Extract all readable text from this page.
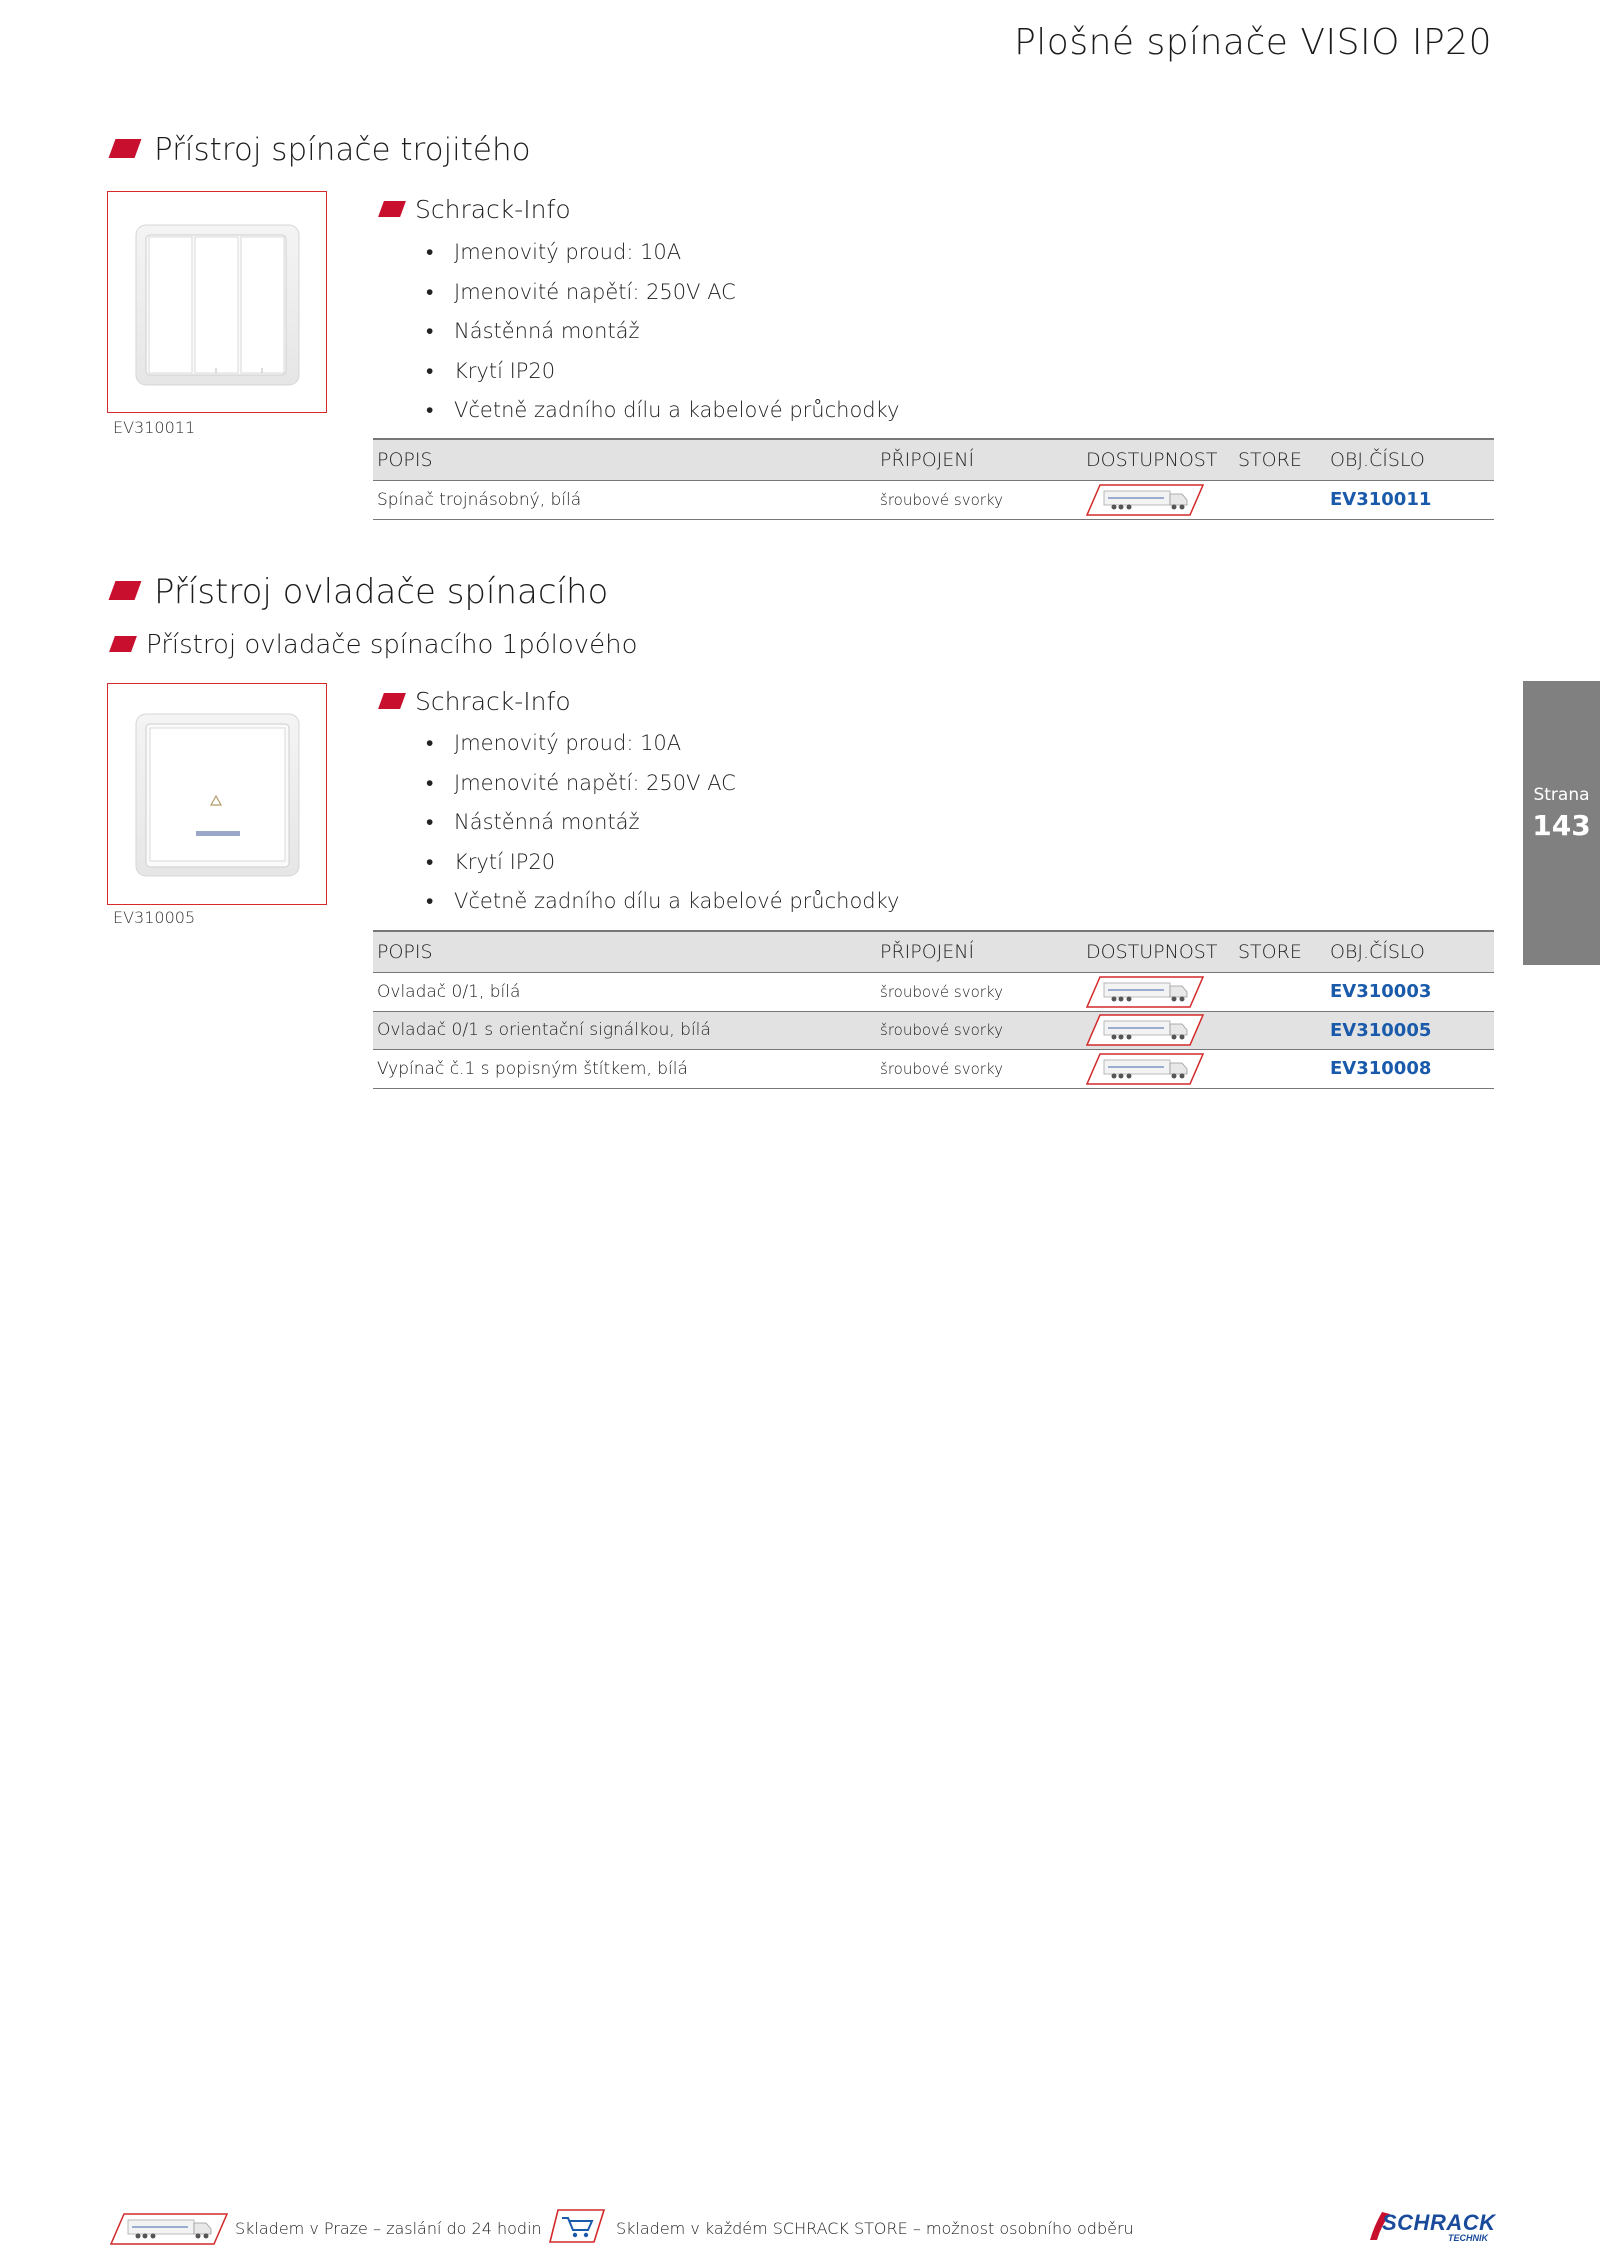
Plošné spínače VISIO IP20
Přístroj spínače trojitého
EV310011
Schrack-Info
• Jmenovitý proud: 10A
• Jmenovité napětí: 250V AC
• Nástěnná montáž
• Krytí IP20
• Včetně zadního dílu a kabelové průchodky
POPIS	PŘIPOJENÍ	DOSTUPNOST	STORE	OBJ.ČÍSLO
Spínač trojnásobný, bílá	šroubové svorky			EV310011
Přístroj ovladače spínacího
Přístroj ovladače spínacího 1pólového
EV310005
Schrack-Info
• Jmenovitý proud: 10A
• Jmenovité napětí: 250V AC
• Nástěnná montáž
• Krytí IP20
• Včetně zadního dílu a kabelové průchodky
POPIS	PŘIPOJENÍ	DOSTUPNOST	STORE	OBJ.ČÍSLO
Ovladač 0/1, bílá	šroubové svorky			EV310003
Ovladač 0/1 s orientační signálkou, bílá	šroubové svorky			EV310005
Vypínač č.1 s popisným štítkem, bílá	šroubové svorky			EV310008
Strana
143
Skladem v Praze – zaslání do 24 hodin	Skladem v každém SCHRACK STORE – možnost osobního odběru	SCHRACK
TECHNIK
